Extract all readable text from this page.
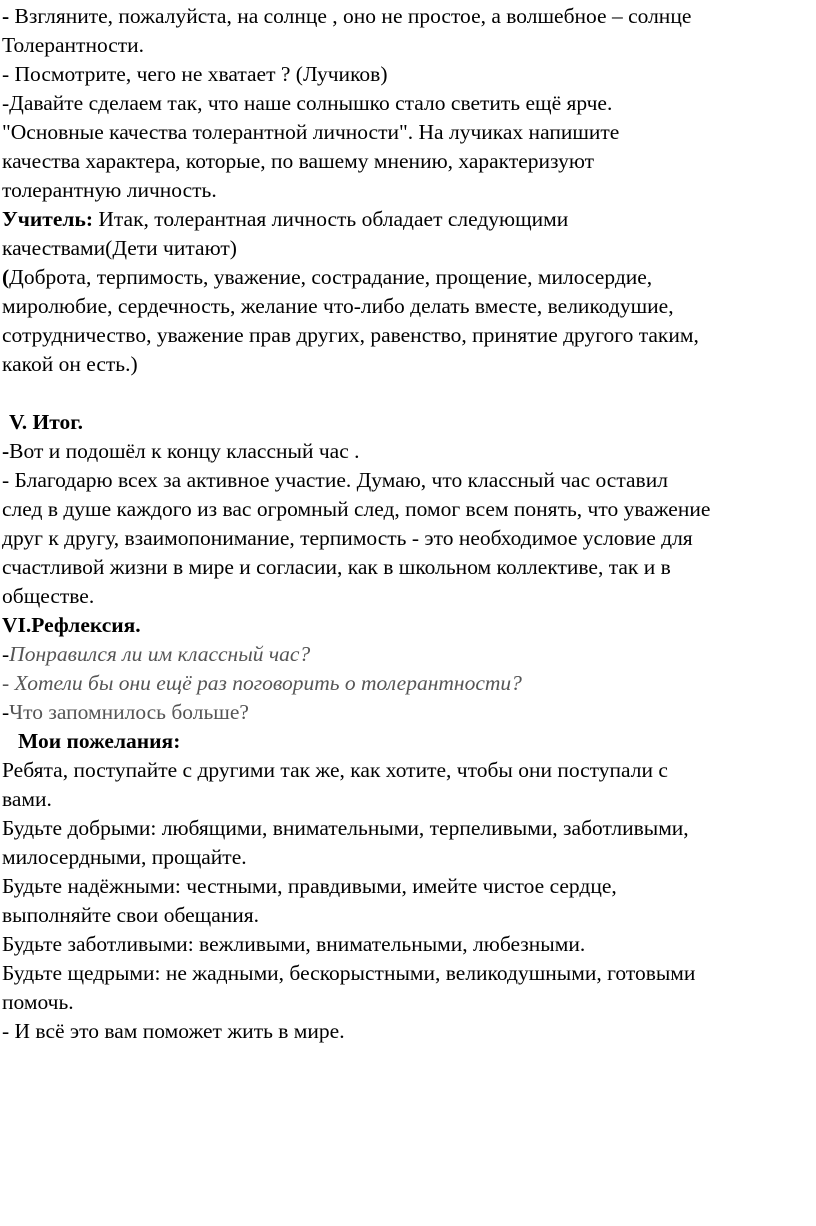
- Взгляните, пожалуйста, на солнце , оно не простое, а волшебное – солнце
Толерантности.
- Посмотрите, чего не хватает ? (Лучиков)
-Давайте сделаем так, что наше солнышко стало светить ещё ярче.
"Основные качества толерантной личности". На лучиках напишите
качества характера, которые, по вашему мнению, характеризуют
толерантную личность.
Учитель: Итак, толерантная личность обладает следующими
качествами(Дети читают)
(Доброта, терпимость, уважение, сострадание, прощение, милосердие,
миролюбие, сердечность, желание что-либо делать вместе, великодушие,
сотрудничество, уважение прав других, равенство, принятие другого таким,
какой он есть.)
V. Итог.
-Вот и подошёл к концу классный час .
- Благодарю всех за активное участие. Думаю, что классный час оставил
след в душе каждого из вас огромный след, помог всем понять, что уважение
друг к другу, взаимопонимание, терпимость - это необходимое условие для
счастливой жизни в мире и согласии, как в школьном коллективе, так и в
обществе.
VI.Рефлексия.
-Понравился ли им классный час?
- Хотели бы они ещё раз поговорить о толерантности?
-Что запомнилось больше?
Мои пожелания:
Ребята, поступайте с другими так же, как хотите, чтобы они поступали с
вами.
Будьте добрыми: любящими, внимательными, терпеливыми, заботливыми,
милосердными, прощайте.
Будьте надёжными: честными, правдивыми, имейте чистое сердце,
выполняйте свои обещания.
Будьте заботливыми: вежливыми, внимательными, любезными.
Будьте щедрыми: не жадными, бескорыстными, великодушными, готовыми
помочь.
- И всё это вам поможет жить в мире.
